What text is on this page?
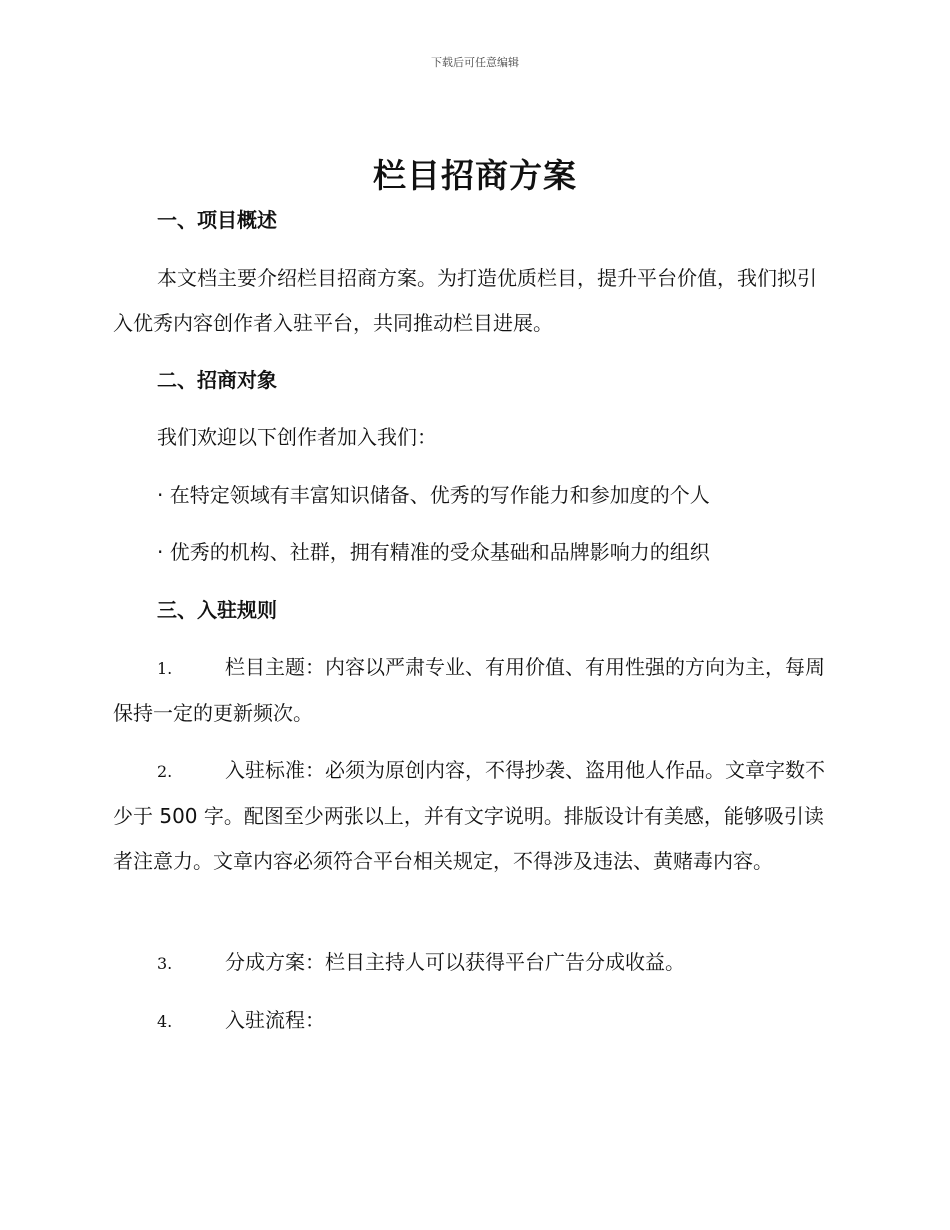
下载后可任意编辑
栏目招商方案
一、项目概述
本文档主要介绍栏目招商方案。为打造优质栏目，提升平台价值，我们拟引入优秀内容创作者入驻平台，共同推动栏目进展。
二、招商对象
我们欢迎以下创作者加入我们：
· 在特定领域有丰富知识储备、优秀的写作能力和参加度的个人
· 优秀的机构、社群，拥有精准的受众基础和品牌影响力的组织
三、入驻规则
1.	栏目主题：内容以严肃专业、有用价值、有用性强的方向为主，每周保持一定的更新频次。
2.	入驻标准：必须为原创内容，不得抄袭、盗用他人作品。文章字数不少于 500 字。配图至少两张以上，并有文字说明。排版设计有美感，能够吸引读者注意力。文章内容必须符合平台相关规定，不得涉及违法、黄赌毒内容。
3.	分成方案：栏目主持人可以获得平台广告分成收益。
4.	入驻流程：
